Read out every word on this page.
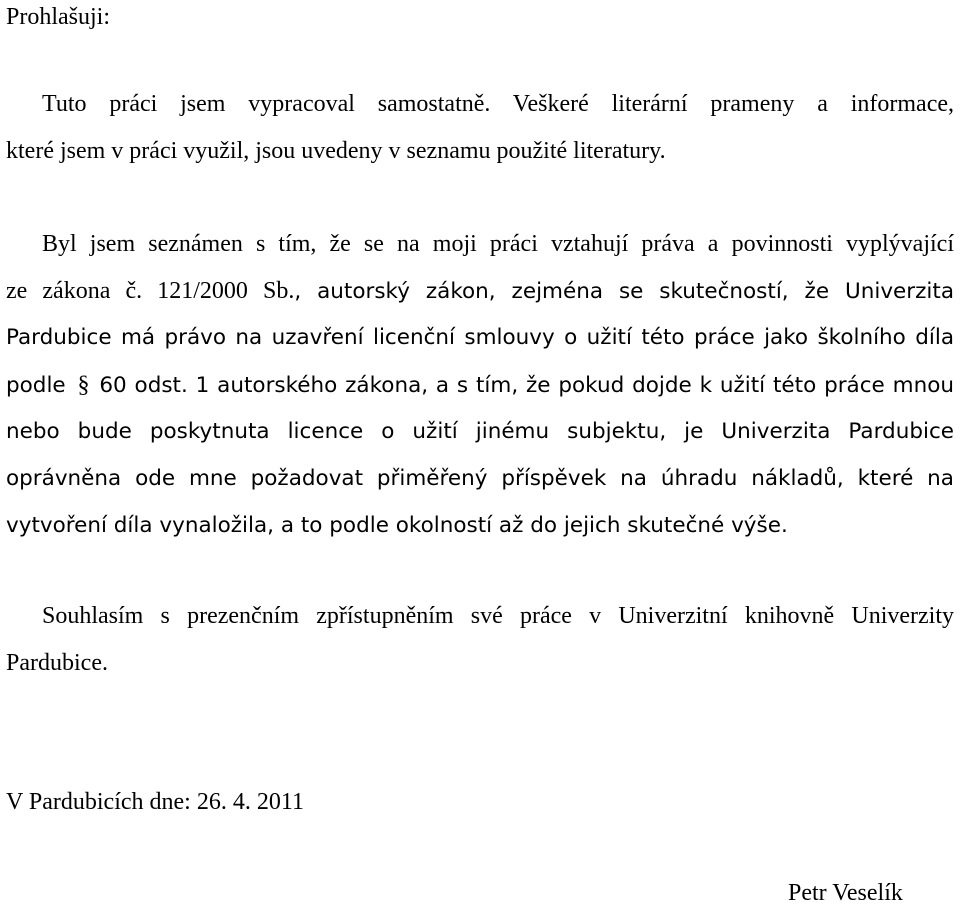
Prohlašuji:
Tuto práci jsem vypracoval samostatně. Veškeré literární prameny a informace,
které jsem v práci využil, jsou uvedeny v seznamu použité literatury.
Byl jsem seznámen s tím, že se na moji práci vztahují práva a povinnosti vyplývající
ze zákona č. 121/2000 Sb., autorský zákon, zejména se skutečností, že Univerzita
Pardubice má právo na uzavření licenční smlouvy o užití této práce jako školního díla
podle § 60 odst. 1 autorského zákona, a s tím, že pokud dojde k užití této práce mnou
nebo bude poskytnuta licence o užití jinému subjektu, je Univerzita Pardubice
oprávněna ode mne požadovat přiměřený příspěvek na úhradu nákladů, které na
vytvoření díla vynaložila, a to podle okolností až do jejich skutečné výše.
Souhlasím s prezenčním zpřístupněním své práce v Univerzitní knihovně Univerzity
Pardubice.
V Pardubicích dne: 26. 4. 2011
Petr Veselík
